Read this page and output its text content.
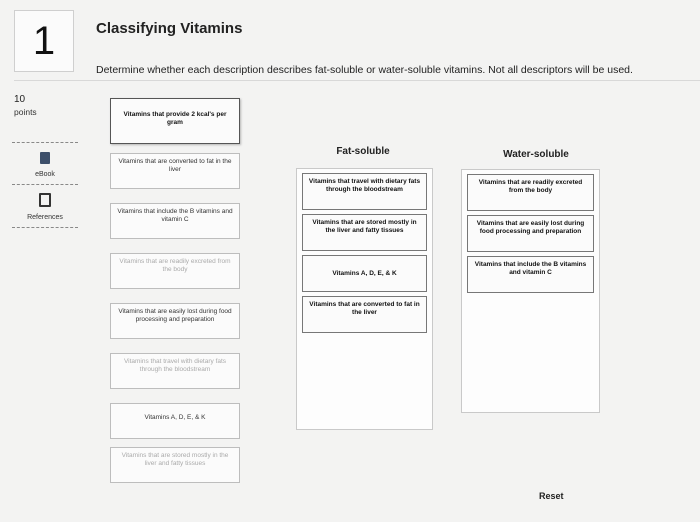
1	Classifying Vitamins
Determine whether each description describes fat-soluble or water-soluble vitamins. Not all descriptors will be used.
10
points
eBook
References
Vitamins that provide 2 kcal's per gram
Vitamins that are converted to fat in the liver
Vitamins that include the B vitamins and vitamin C
Vitamins that are readily excreted from the body
Vitamins that are easily lost during food processing and preparation
Vitamins that travel with dietary fats through the bloodstream
Vitamins A, D, E, & K
Vitamins that are stored mostly in the liver and fatty tissues
Fat-soluble
Vitamins that travel with dietary fats through the bloodstream
Vitamins that are stored mostly in the liver and fatty tissues
Vitamins A, D, E, & K
Vitamins that are converted to fat in the liver
Water-soluble
Vitamins that are readily excreted from the body
Vitamins that are easily lost during food processing and preparation
Vitamins that include the B vitamins and vitamin C
Reset
